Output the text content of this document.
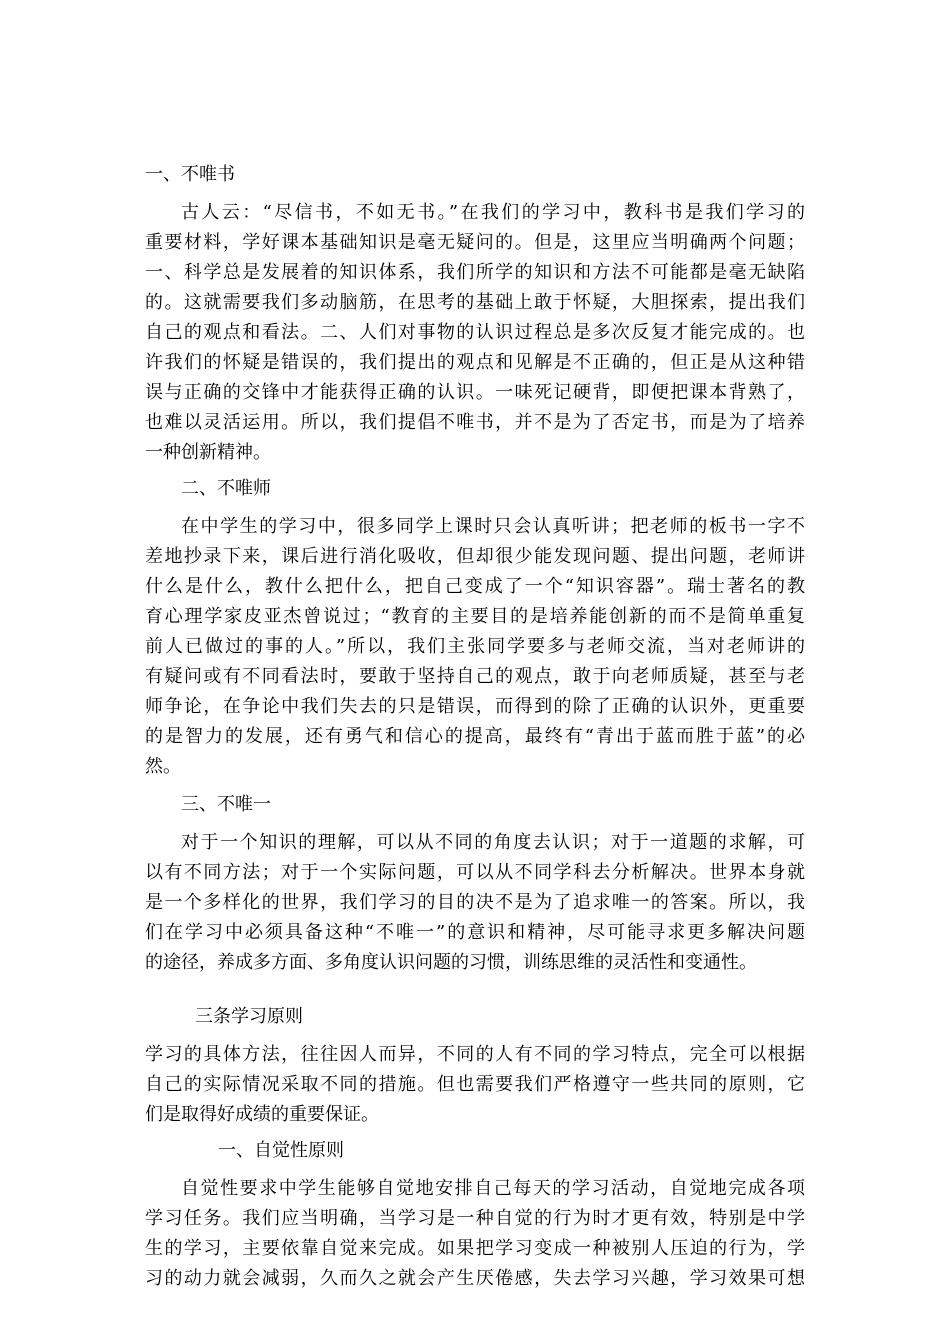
一、不唯书
古人云：“尽信书，不如无书。”在我们的学习中，教科书是我们学习的
重要材料，学好课本基础知识是毫无疑问的。但是，这里应当明确两个问题；
一、科学总是发展着的知识体系，我们所学的知识和方法不可能都是毫无缺陷
的。这就需要我们多动脑筋，在思考的基础上敢于怀疑，大胆探索，提出我们
自己的观点和看法。二、人们对事物的认识过程总是多次反复才能完成的。也
许我们的怀疑是错误的，我们提出的观点和见解是不正确的，但正是从这种错
误与正确的交锋中才能获得正确的认识。一味死记硬背，即便把课本背熟了，
也难以灵活运用。所以，我们提倡不唯书，并不是为了否定书，而是为了培养
一种创新精神。
二、不唯师
在中学生的学习中，很多同学上课时只会认真听讲；把老师的板书一字不
差地抄录下来，课后进行消化吸收，但却很少能发现问题、提出问题，老师讲
什么是什么，教什么把什么，把自己变成了一个“知识容器”。瑞士著名的教
育心理学家皮亚杰曾说过；“教育的主要目的是培养能创新的而不是简单重复
前人已做过的事的人。”所以，我们主张同学要多与老师交流，当对老师讲的
有疑问或有不同看法时，要敢于坚持自己的观点，敢于向老师质疑，甚至与老
师争论，在争论中我们失去的只是错误，而得到的除了正确的认识外，更重要
的是智力的发展，还有勇气和信心的提高，最终有“青出于蓝而胜于蓝”的必
然。
三、不唯一
对于一个知识的理解，可以从不同的角度去认识；对于一道题的求解，可
以有不同方法；对于一个实际问题，可以从不同学科去分析解决。世界本身就
是一个多样化的世界，我们学习的目的决不是为了追求唯一的答案。所以，我
们在学习中必须具备这种“不唯一”的意识和精神，尽可能寻求更多解决问题
的途径，养成多方面、多角度认识问题的习惯，训练思维的灵活性和变通性。
三条学习原则
学习的具体方法，往往因人而异，不同的人有不同的学习特点，完全可以根据
自己的实际情况采取不同的措施。但也需要我们严格遵守一些共同的原则，它
们是取得好成绩的重要保证。
一、自觉性原则
自觉性要求中学生能够自觉地安排自己每天的学习活动，自觉地完成各项
学习任务。我们应当明确，当学习是一种自觉的行为时才更有效，特别是中学
生的学习，主要依靠自觉来完成。如果把学习变成一种被别人压迫的行为，学
习的动力就会减弱，久而久之就会产生厌倦感，失去学习兴趣，学习效果可想
